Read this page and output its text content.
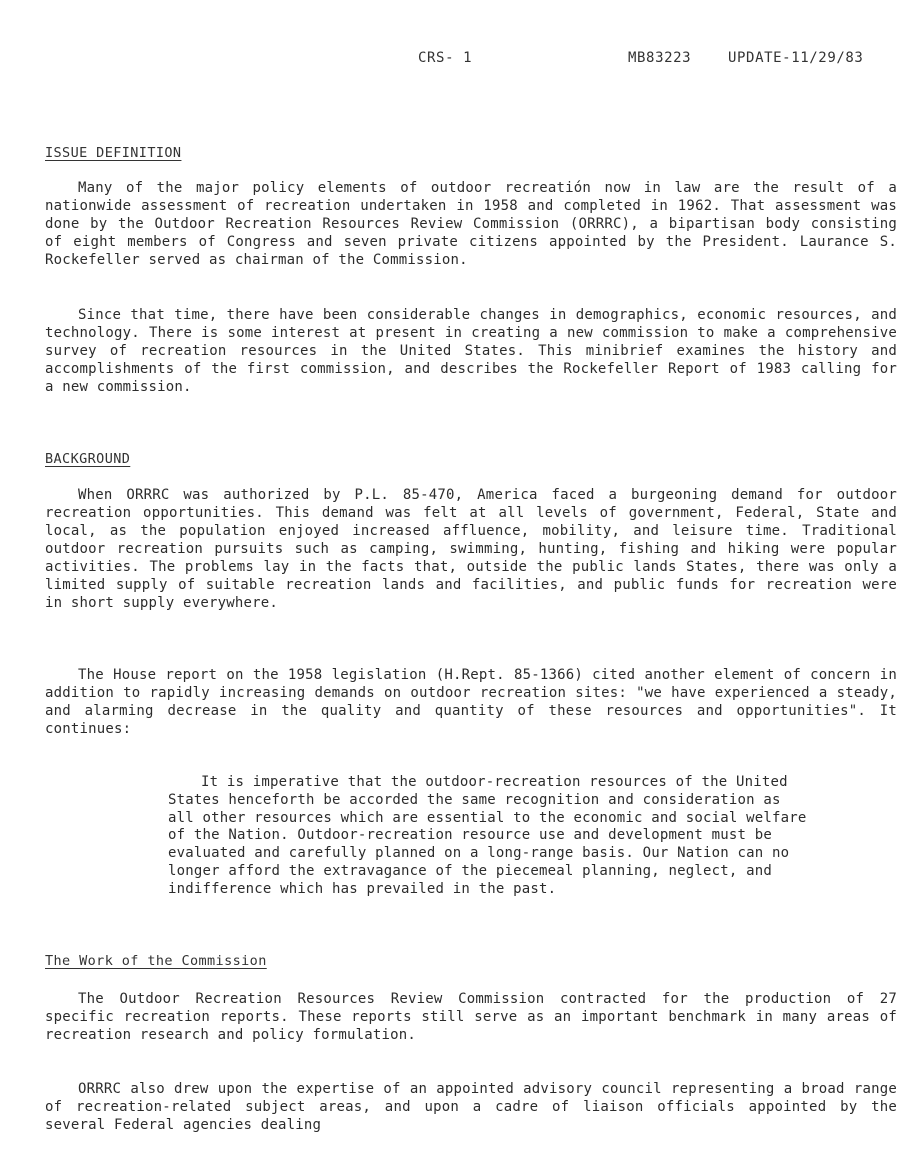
CRS- 1	MB83223	UPDATE-11/29/83
ISSUE DEFINITION
Many of the major policy elements of outdoor recreatión now in law are the result of a nationwide assessment of recreation undertaken in 1958 and completed in 1962. That assessment was done by the Outdoor Recreation Resources Review Commission (ORRRC), a bipartisan body consisting of eight members of Congress and seven private citizens appointed by the President. Laurance S. Rockefeller served as chairman of the Commission.
Since that time, there have been considerable changes in demographics, economic resources, and technology. There is some interest at present in creating a new commission to make a comprehensive survey of recreation resources in the United States. This minibrief examines the history and accomplishments of the first commission, and describes the Rockefeller Report of 1983 calling for a new commission.
BACKGROUND
When ORRRC was authorized by P.L. 85-470, America faced a burgeoning demand for outdoor recreation opportunities. This demand was felt at all levels of government, Federal, State and local, as the population enjoyed increased affluence, mobility, and leisure time. Traditional outdoor recreation pursuits such as camping, swimming, hunting, fishing and hiking were popular activities. The problems lay in the facts that, outside the public lands States, there was only a limited supply of suitable recreation lands and facilities, and public funds for recreation were in short supply everywhere.
The House report on the 1958 legislation (H.Rept. 85-1366) cited another element of concern in addition to rapidly increasing demands on outdoor recreation sites: "we have experienced a steady, and alarming decrease in the quality and quantity of these resources and opportunities". It continues:
It is imperative that the outdoor-recreation resources of the United States henceforth be accorded the same recognition and consideration as all other resources which are essential to the economic and social welfare of the Nation. Outdoor-recreation resource use and development must be evaluated and carefully planned on a long-range basis. Our Nation can no longer afford the extravagance of the piecemeal planning, neglect, and indifference which has prevailed in the past.
The Work of the Commission
The Outdoor Recreation Resources Review Commission contracted for the production of 27 specific recreation reports. These reports still serve as an important benchmark in many areas of recreation research and policy formulation.
ORRRC also drew upon the expertise of an appointed advisory council representing a broad range of recreation-related subject areas, and upon a cadre of liaison officials appointed by the several Federal agencies dealing
